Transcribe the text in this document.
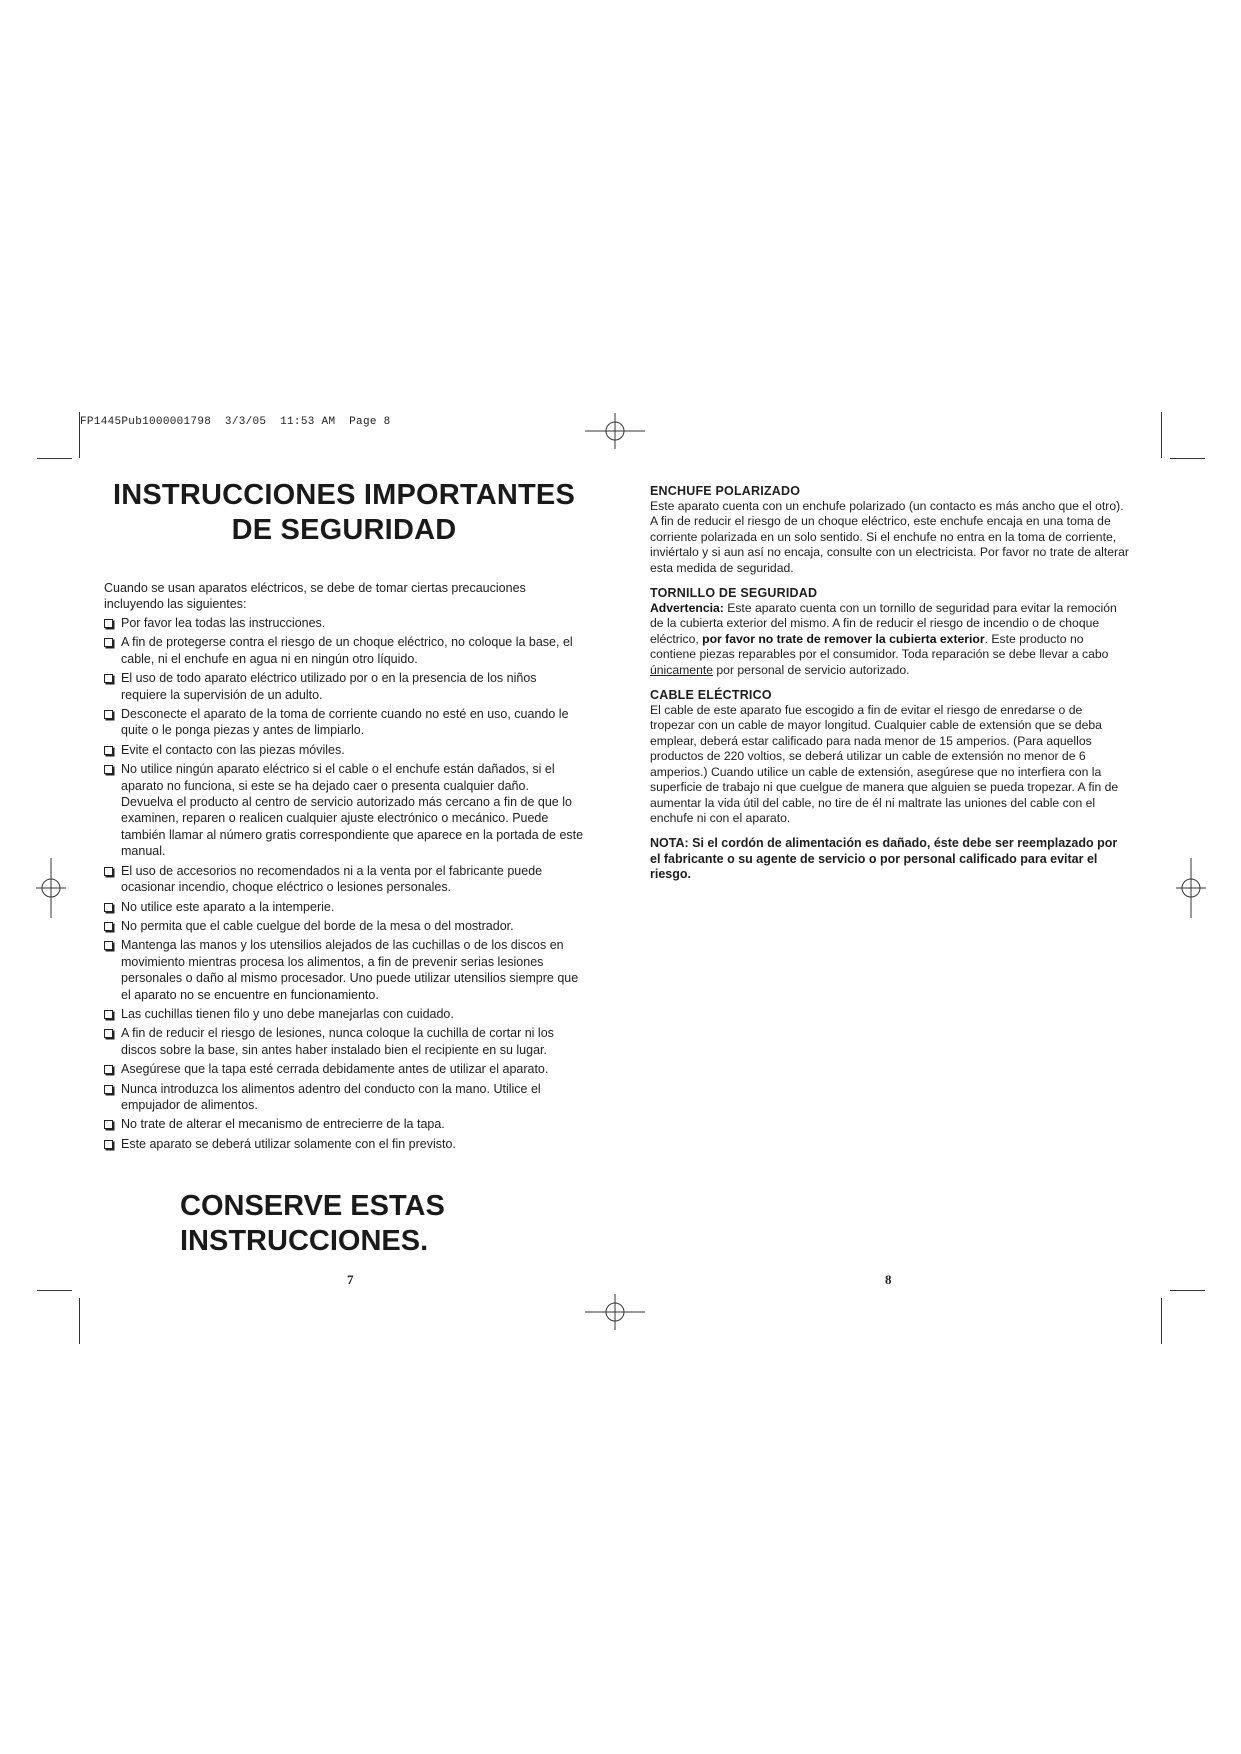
FP1445Pub1000001798  3/3/05  11:53 AM  Page 8
INSTRUCCIONES IMPORTANTES
DE SEGURIDAD

Cuando se usan aparatos eléctricos, se debe de tomar ciertas precauciones incluyendo las siguientes:

Por favor lea todas las instrucciones.
A fin de protegerse contra el riesgo de un choque eléctrico, no coloque la base, el cable, ni el enchufe en agua ni en ningún otro líquido.
El uso de todo aparato eléctrico utilizado por o en la presencia de los niños requiere la supervisión de un adulto.
Desconecte el aparato de la toma de corriente cuando no esté en uso, cuando le quite o le ponga piezas y antes de limpiarlo.
Evite el contacto con las piezas móviles.
No utilice ningún aparato eléctrico si el cable o el enchufe están dañados, si el aparato no funciona, si este se ha dejado caer o presenta cualquier daño. Devuelva el producto al centro de servicio autorizado más cercano a fin de que lo examinen, reparen o realicen cualquier ajuste electrónico o mecánico. Puede también llamar al número gratis correspondiente que aparece en la portada de este manual.
El uso de accesorios no recomendados ni a la venta por el fabricante puede ocasionar incendio, choque eléctrico o lesiones personales.
No utilice este aparato a la intemperie.
No permita que el cable cuelgue del borde de la mesa o del mostrador.
Mantenga las manos y los utensilios alejados de las cuchillas o de los discos en movimiento mientras procesa los alimentos, a fin de prevenir serias lesiones personales o daño al mismo procesador. Uno puede utilizar utensilios siempre que el aparato no se encuentre en funcionamiento.
Las cuchillas tienen filo y uno debe manejarlas con cuidado.
A fin de reducir el riesgo de lesiones, nunca coloque la cuchilla de cortar ni los discos sobre la base, sin antes haber instalado bien el recipiente en su lugar.
Asegúrese que la tapa esté cerrada debidamente antes de utilizar el aparato.
Nunca introduzca los alimentos adentro del conducto con la mano. Utilice el empujador de alimentos.
No trate de alterar el mecanismo de entrecierre de la tapa.
Este aparato se deberá utilizar solamente con el fin previsto.
CONSERVE ESTAS
INSTRUCCIONES.
7
ENCHUFE POLARIZADO

Este aparato cuenta con un enchufe polarizado (un contacto es más ancho que el otro). A fin de reducir el riesgo de un choque eléctrico, este enchufe encaja en una toma de corriente polarizada en un solo sentido. Si el enchufe no entra en la toma de corriente, inviértalo y si aun así no encaja, consulte con un electricista. Por favor no trate de alterar esta medida de seguridad.

TORNILLO DE SEGURIDAD

Advertencia: Este aparato cuenta con un tornillo de seguridad para evitar la remoción de la cubierta exterior del mismo. A fin de reducir el riesgo de incendio o de choque eléctrico, por favor no trate de remover la cubierta exterior. Este producto no contiene piezas reparables por el consumidor. Toda reparación se debe llevar a cabo únicamente por personal de servicio autorizado.

CABLE ELÉCTRICO

El cable de este aparato fue escogido a fin de evitar el riesgo de enredarse o de tropezar con un cable de mayor longitud. Cualquier cable de extensión que se deba emplear, deberá estar calificado para nada menor de 15 amperios. (Para aquellos productos de 220 voltios, se deberá utilizar un cable de extensión no menor de 6 amperios.) Cuando utilice un cable de extensión, asegúrese que no interfiera con la superficie de trabajo ni que cuelgue de manera que alguien se pueda tropezar. A fin de aumentar la vida útil del cable, no tire de él ni maltrate las uniones del cable con el enchufe ni con el aparato.

NOTA: Si el cordón de alimentación es dañado, éste debe ser reemplazado por el fabricante o su agente de servicio o por personal calificado para evitar el riesgo.

8
